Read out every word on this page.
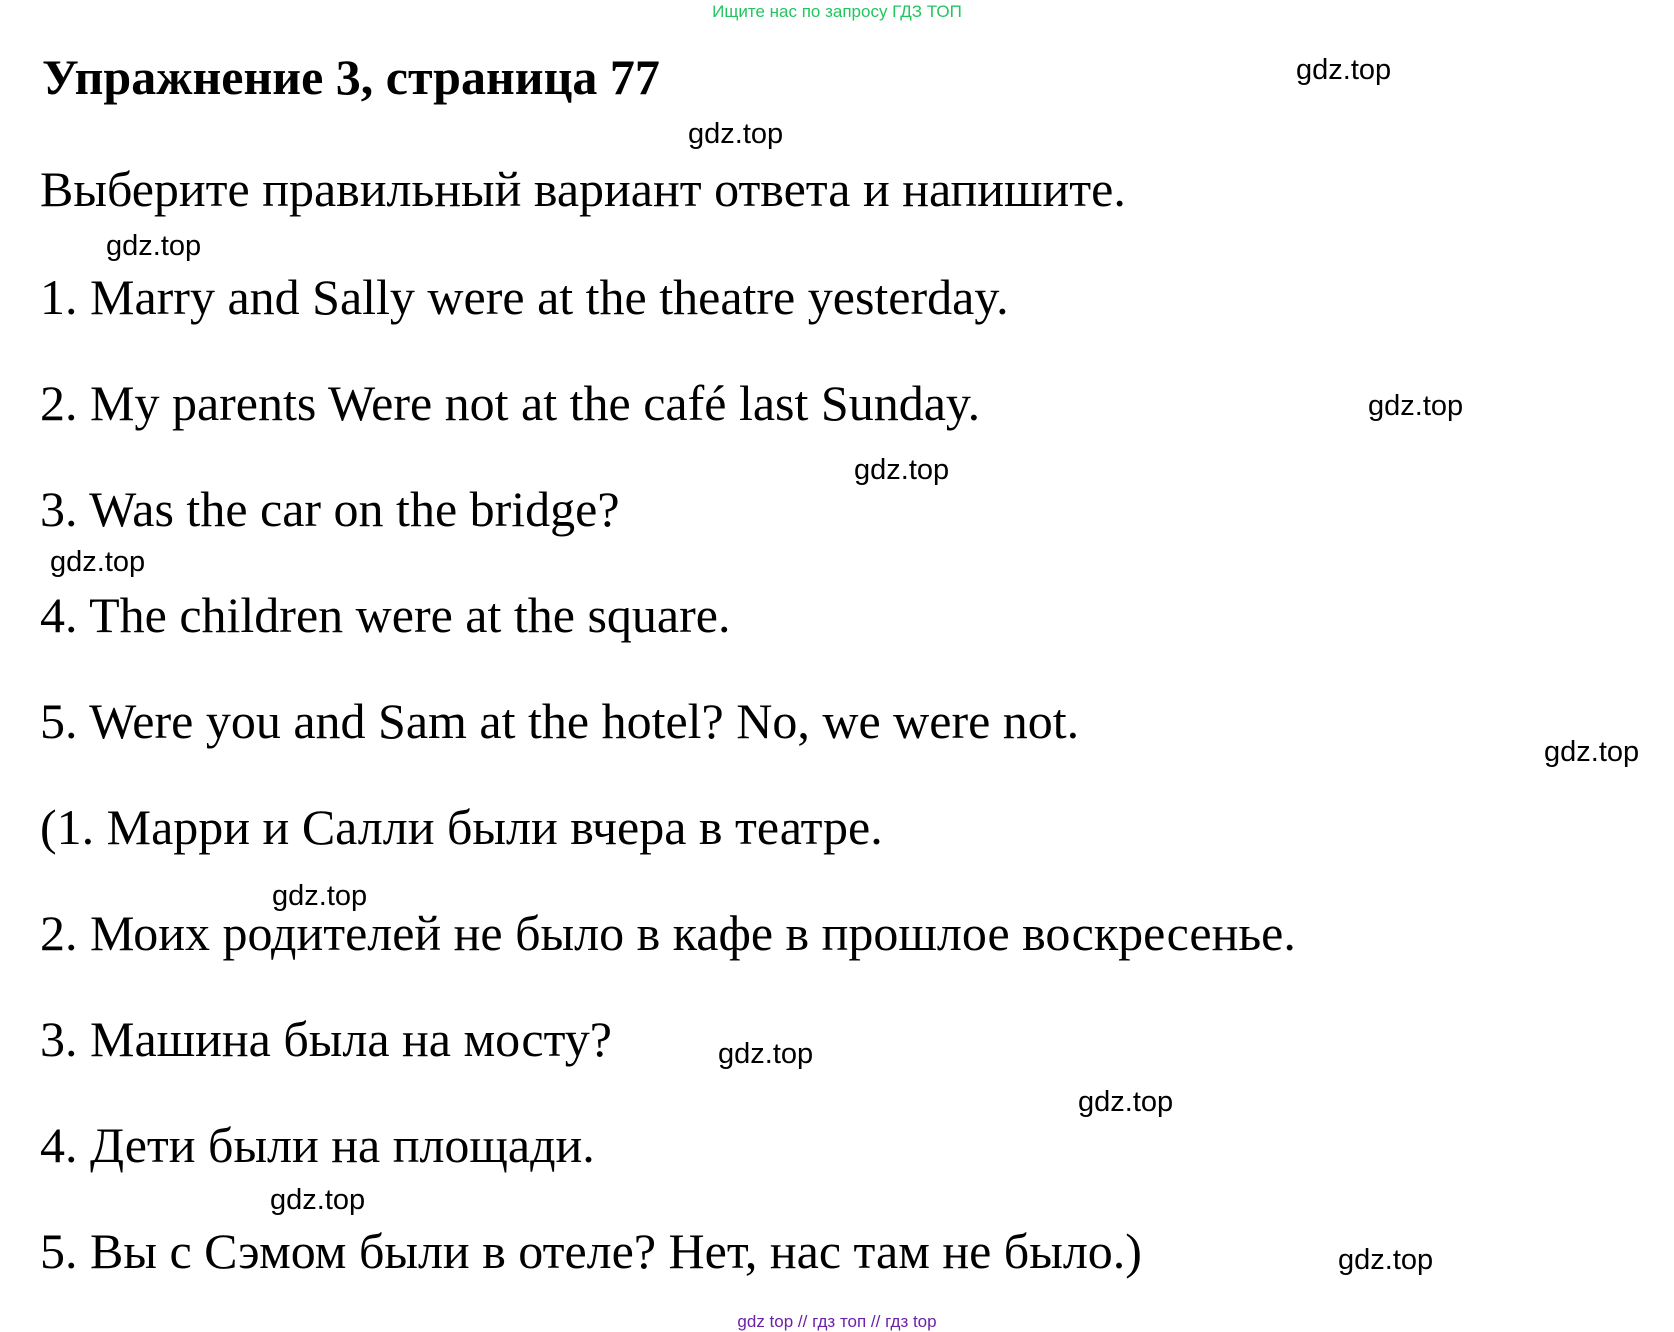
Ищите нас по запросу ГДЗ ТОП
Упражнение 3, страница 77
Выберите правильный вариант ответа и напишите.
1. Marry and Sally were at the theatre yesterday.
2. My parents Were not at the café last Sunday.
3. Was the car on the bridge?
4. The children were at the square.
5. Were you and Sam at the hotel? No, we were not.
(1. Марри и Салли были вчера в театре.
2. Моих родителей не было в кафе в прошлое воскресенье.
3. Машина была на мосту?
4. Дети были на площади.
5. Вы с Сэмом были в отеле? Нет, нас там не было.)
gdz.top
gdz.top
gdz.top
gdz.top
gdz.top
gdz.top
gdz.top
gdz.top
gdz.top
gdz.top
gdz.top
gdz.top
gdz top // гдз топ // гдз top
